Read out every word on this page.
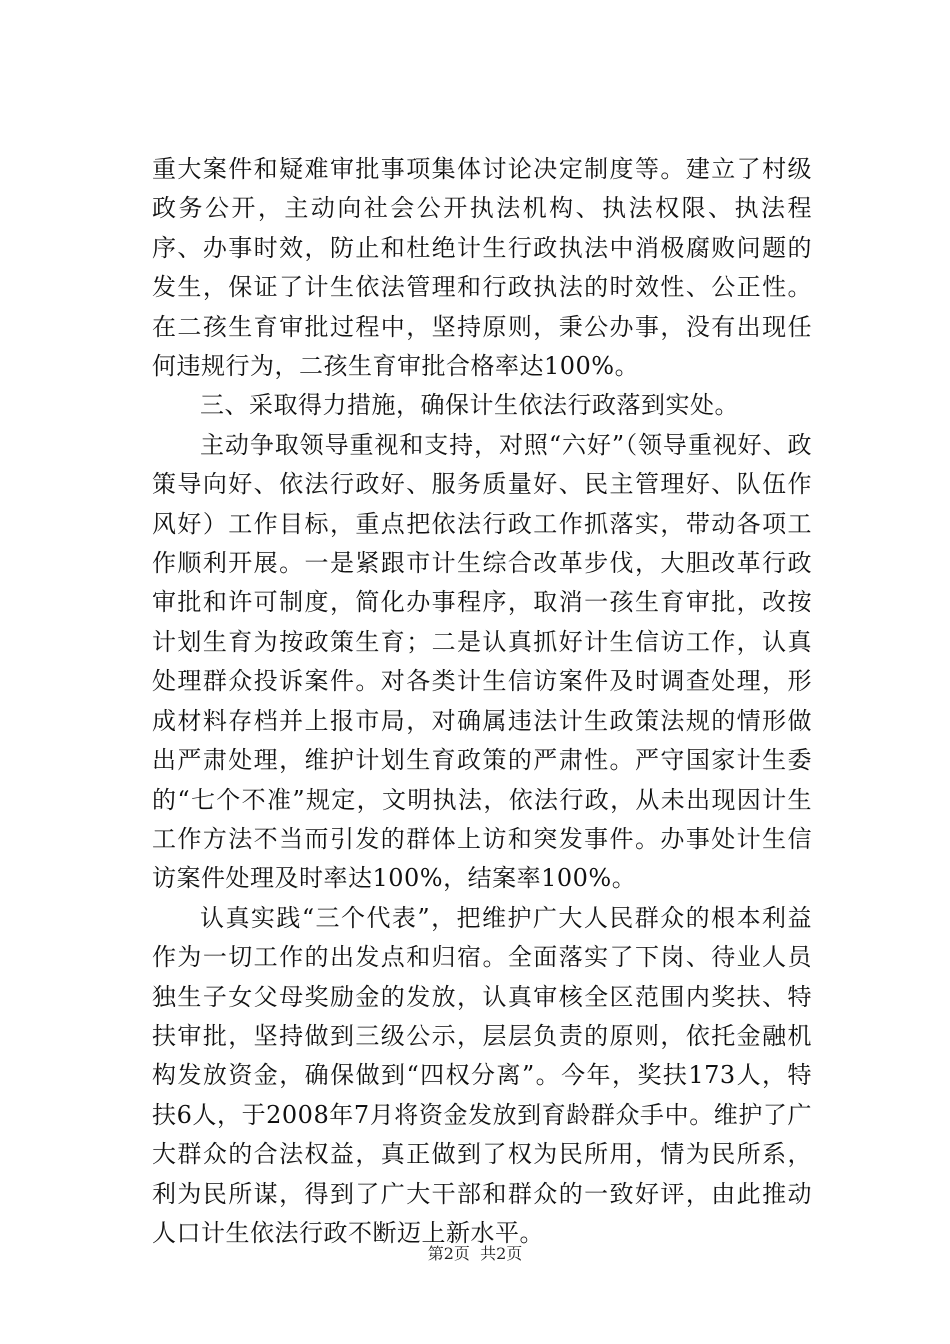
重大案件和疑难审批事项集体讨论决定制度等。建立了村级政务公开，主动向社会公开执法机构、执法权限、执法程序、办事时效，防止和杜绝计生行政执法中消极腐败问题的发生，保证了计生依法管理和行政执法的时效性、公正性。在二孩生育审批过程中，坚持原则，秉公办事，没有出现任何违规行为，二孩生育审批合格率达100%。

三、采取得力措施，确保计生依法行政落到实处。

主动争取领导重视和支持，对照“六好”（领导重视好、政策导向好、依法行政好、服务质量好、民主管理好、队伍作风好）工作目标，重点把依法行政工作抓落实，带动各项工作顺利开展。一是紧跟市计生综合改革步伐，大胆改革行政审批和许可制度，简化办事程序，取消一孩生育审批，改按计划生育为按政策生育；二是认真抓好计生信访工作，认真处理群众投诉案件。对各类计生信访案件及时调查处理，形成材料存档并上报市局，对确属违法计生政策法规的情形做出严肃处理，维护计划生育政策的严肃性。严守国家计生委的“七个不准”规定，文明执法，依法行政，从未出现因计生工作方法不当而引发的群体上访和突发事件。办事处计生信访案件处理及时率达100%，结案率100%。

认真实践“三个代表”，把维护广大人民群众的根本利益作为一切工作的出发点和归宿。全面落实了下岗、待业人员独生子女父母奖励金的发放，认真审核全区范围内奖扶、特扶审批，坚持做到三级公示，层层负责的原则，依托金融机构发放资金，确保做到“四权分离”。今年，奖扶173人，特扶6人，于2008年7月将资金发放到育龄群众手中。维护了广大群众的合法权益，真正做到了权为民所用，情为民所系，利为民所谋，得到了广大干部和群众的一致好评，由此推动人口计生依法行政不断迈上新水平。

第2页  共2页
